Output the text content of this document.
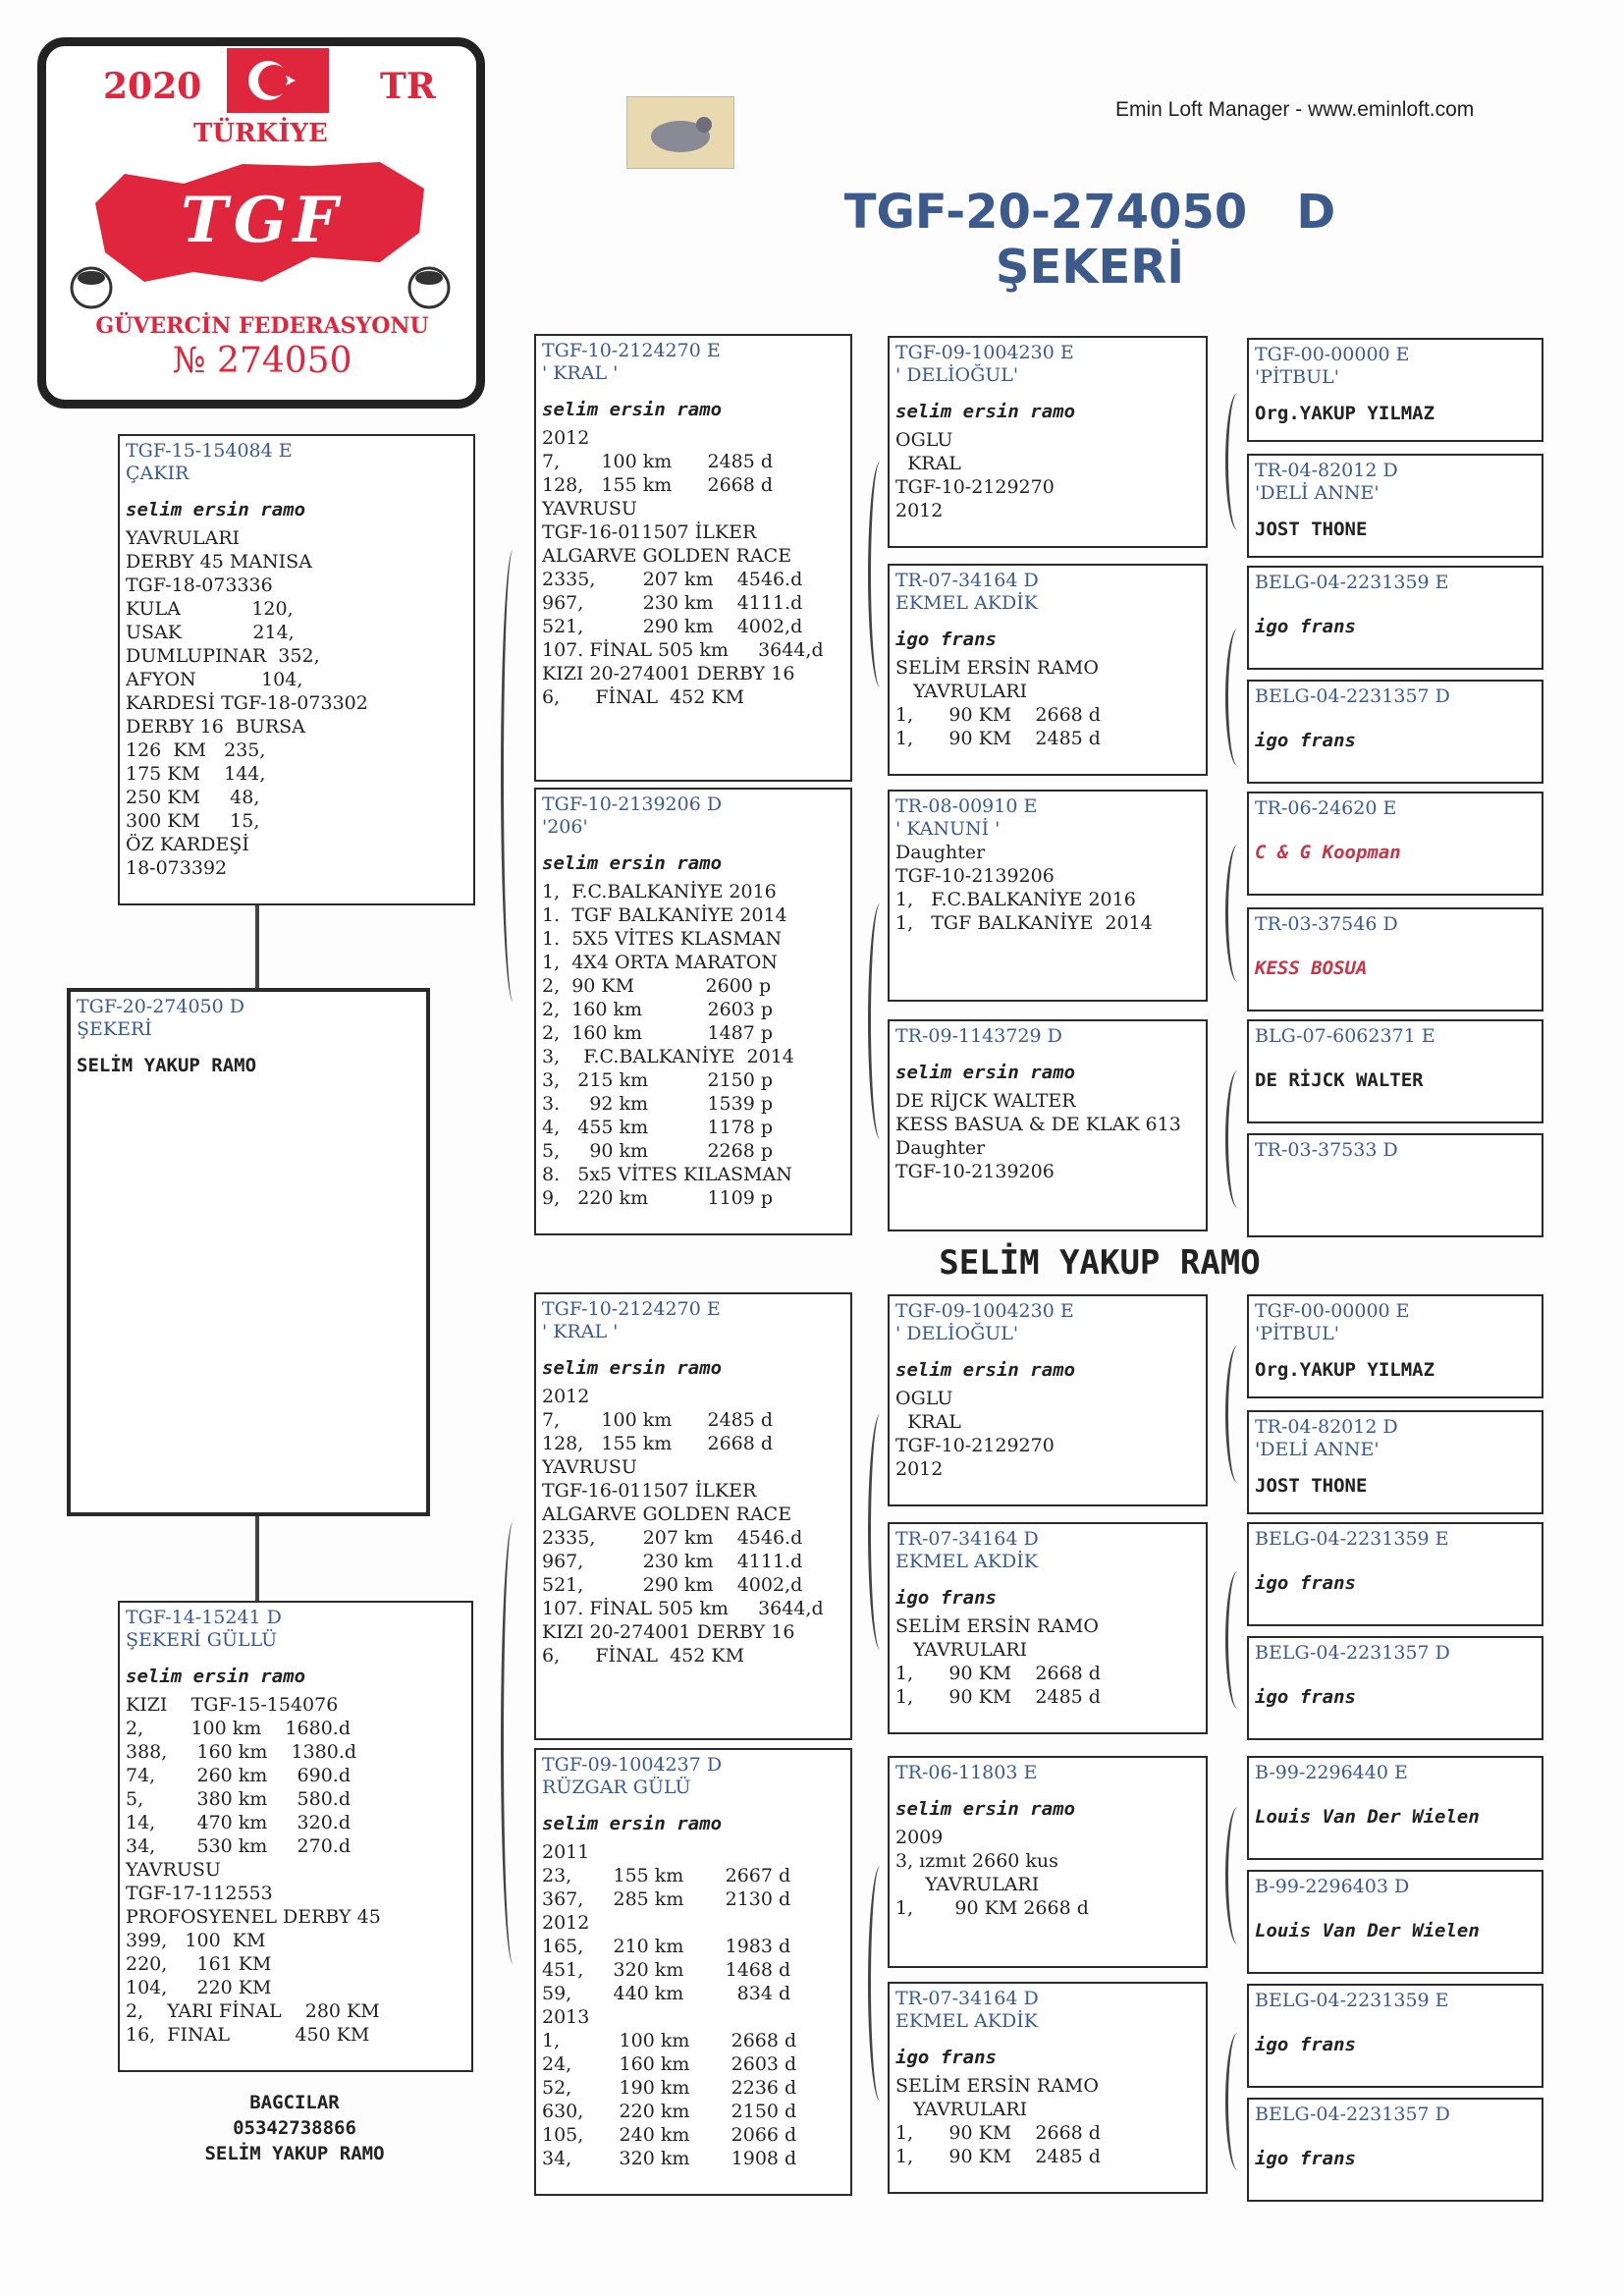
2020	TR
TÜRKİYE
TGF
GÜVERCİN FEDERASYONU
№ 274050
Emin Loft Manager - www.eminloft.com
TGF-20-274050   D
ŞEKERİ
TGF-15-154084 E
ÇAKIR
selim ersin ramo
YAVRULARI
DERBY 45 MANISA
TGF-18-073336
KULA            120,
USAK            214,
DUMLUPINAR  352,
AFYON           104,
KARDESİ TGF-18-073302
DERBY 16  BURSA
126  KM   235,
175 KM    144,
250 KM     48,
300 KM     15,
ÖZ KARDEŞİ
18-073392
TGF-20-274050 D
ŞEKERİ
SELİM YAKUP RAMO
TGF-14-15241 D
ŞEKERİ GÜLLÜ
selim ersin ramo
KIZI    TGF-15-154076
2,        100 km    1680.d
388,     160 km    1380.d
74,       260 km     690.d
5,         380 km     580.d
14,       470 km     320.d
34,       530 km     270.d
YAVRUSU
TGF-17-112553
PROFOSYENEL DERBY 45
399,   100  KM
220,     161 KM
104,     220 KM
2,    YARI FİNAL    280 KM
16,  FINAL           450 KM
BAGCILAR
05342738866
SELİM YAKUP RAMO
SELİM YAKUP RAMO
TGF-10-2124270 E
' KRAL '
selim ersin ramo
2012
7,       100 km      2485 d
128,   155 km      2668 d
YAVRUSU
TGF-16-011507 İLKER
ALGARVE GOLDEN RACE
2335,        207 km    4546.d
967,          230 km    4111.d
521,          290 km    4002,d
107. FİNAL 505 km     3644,d
KIZI 20-274001 DERBY 16
6,      FİNAL  452 KM
TGF-10-2139206 D
'206'
selim ersin ramo
1,  F.C.BALKANİYE 2016
1.  TGF BALKANİYE 2014
1.  5X5 VİTES KLASMAN
1,  4X4 ORTA MARATON
2,  90 KM            2600 p
2,  160 km           2603 p
2,  160 km           1487 p
3,    F.C.BALKANİYE  2014
3,   215 km          2150 p
3.     92 km          1539 p
4,   455 km          1178 p
5,     90 km          2268 p
8.   5x5 VİTES KILASMAN
9,   220 km          1109 p
TGF-10-2124270 E
' KRAL '
selim ersin ramo
2012
7,       100 km      2485 d
128,   155 km      2668 d
YAVRUSU
TGF-16-011507 İLKER
ALGARVE GOLDEN RACE
2335,        207 km    4546.d
967,          230 km    4111.d
521,          290 km    4002,d
107. FİNAL 505 km     3644,d
KIZI 20-274001 DERBY 16
6,      FİNAL  452 KM
TGF-09-1004237 D
RÜZGAR GÜLÜ
selim ersin ramo
2011
23,       155 km       2667 d
367,     285 km       2130 d
2012
165,     210 km       1983 d
451,     320 km       1468 d
59,       440 km         834 d
2013
1,          100 km       2668 d
24,        160 km       2603 d
52,        190 km       2236 d
630,      220 km       2150 d
105,      240 km       2066 d
34,        320 km       1908 d
TGF-09-1004230 E
' DELİOĞUL'
selim ersin ramo
OGLU
KRAL
TGF-10-2129270
2012
TR-07-34164 D
EKMEL AKDİK
igo frans
SELİM ERSİN RAMO
YAVRULARI
1,      90 KM    2668 d
1,      90 KM    2485 d
TR-08-00910 E
' KANUNİ '
Daughter
TGF-10-2139206
1,   F.C.BALKANİYE 2016
1,   TGF BALKANİYE  2014
TR-09-1143729 D
selim ersin ramo
DE RİJCK WALTER
KESS BASUA & DE KLAK 613
Daughter
TGF-10-2139206
TGF-09-1004230 E
' DELİOĞUL'
selim ersin ramo
OGLU
KRAL
TGF-10-2129270
2012
TR-07-34164 D
EKMEL AKDİK
igo frans
SELİM ERSİN RAMO
YAVRULARI
1,      90 KM    2668 d
1,      90 KM    2485 d
TR-06-11803 E
selim ersin ramo
2009
3, ızmıt 2660 kus
YAVRULARI
1,       90 KM 2668 d
TR-07-34164 D
EKMEL AKDİK
igo frans
SELİM ERSİN RAMO
YAVRULARI
1,      90 KM    2668 d
1,      90 KM    2485 d
TGF-00-00000 E
'PİTBUL'
Org.YAKUP YILMAZ
TR-04-82012 D
'DELİ ANNE'
JOST THONE
BELG-04-2231359 E
igo frans
BELG-04-2231357 D
igo frans
TR-06-24620 E
C & G Koopman
TR-03-37546 D
KESS BOSUA
BLG-07-6062371 E
DE RİJCK WALTER
TR-03-37533 D
TGF-00-00000 E
'PİTBUL'
Org.YAKUP YILMAZ
TR-04-82012 D
'DELİ ANNE'
JOST THONE
BELG-04-2231359 E
igo frans
BELG-04-2231357 D
igo frans
B-99-2296440 E
Louis Van Der Wielen
B-99-2296403 D
Louis Van Der Wielen
BELG-04-2231359 E
igo frans
BELG-04-2231357 D
igo frans
